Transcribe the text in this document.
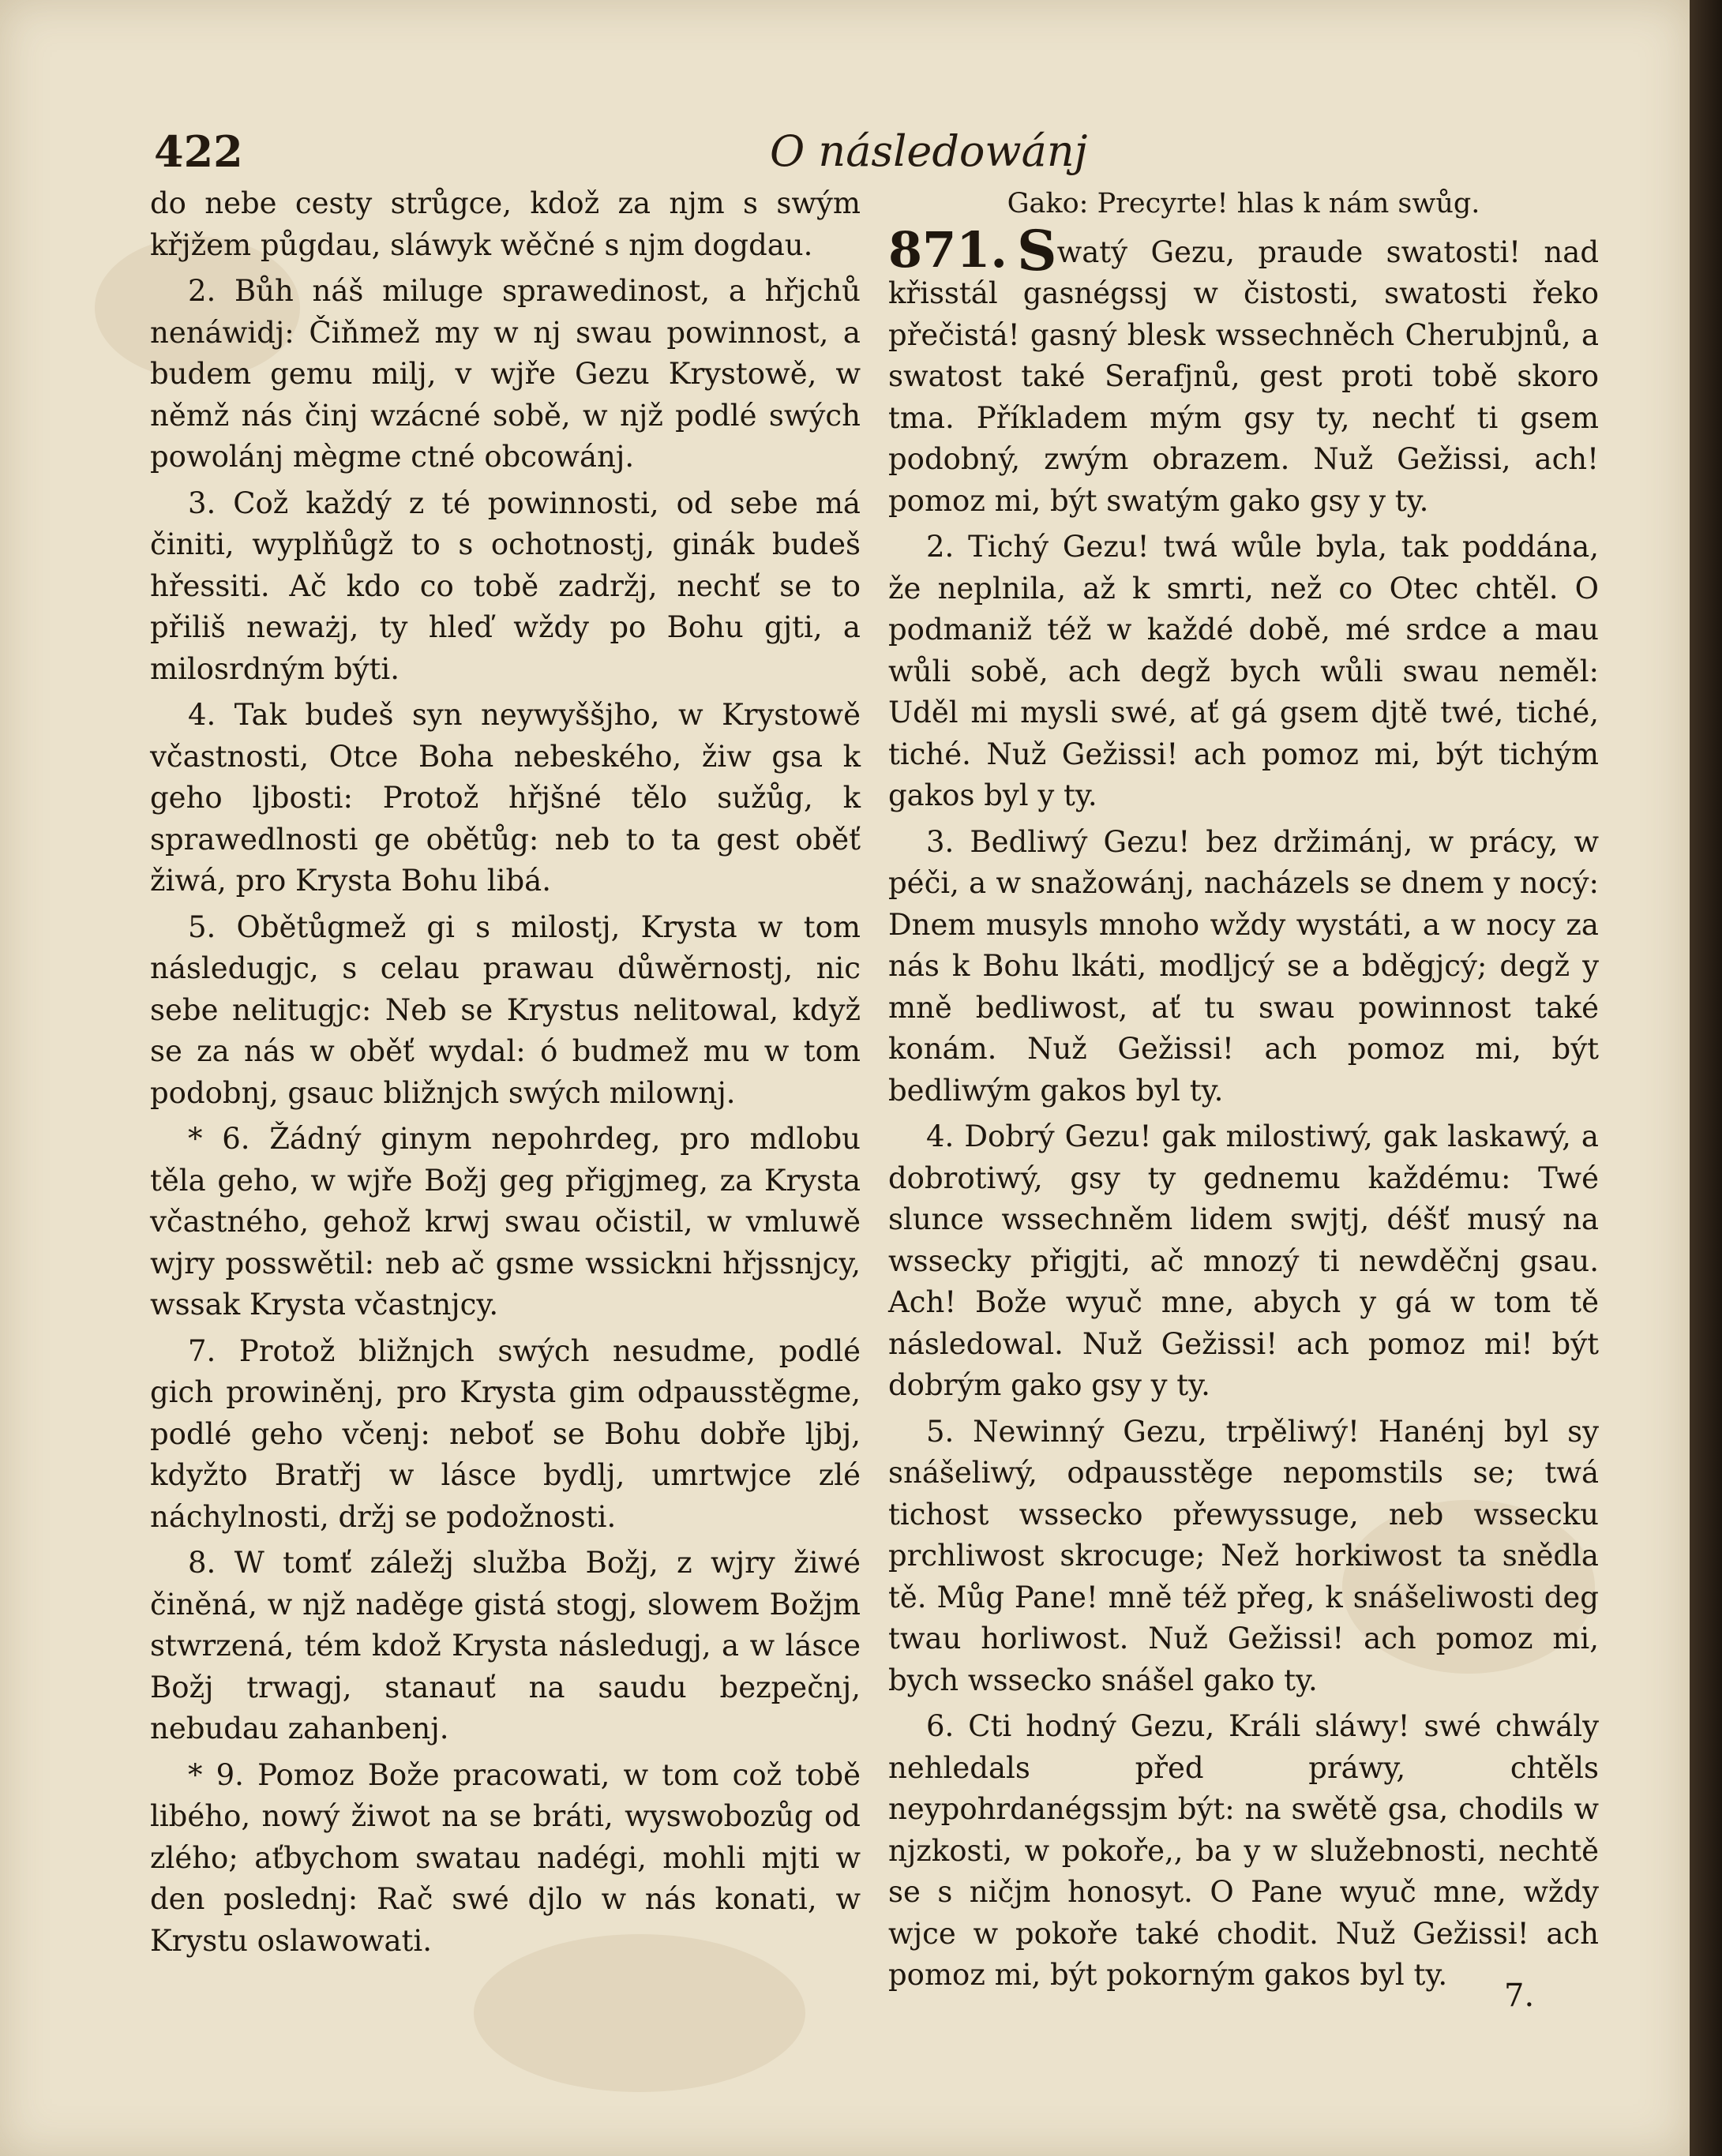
422	O následowánj

do nebe cesty strůgce, kdož za njm s swým křjžem půgdau, sláwyk wěčné s njm dogdau.

2. Bůh náš miluge sprawedinost, a hřjchů nenáwidj: Čiňmež my w nj swau powinnost, a budem gemu milj, v wjře Gezu Krystowě, w němž nás činj wzácné sobě, w njž podlé swých powolánj mègme ctné obcowánj.

3. Což každý z té powinnosti, od sebe má činiti, wyplňůgž to s ochotnostj, ginák budeš hřessiti. Ač kdo co tobě zadržj, nechť se to přiliš neważj, ty hleď wždy po Bohu gjti, a milosrdným býti.

4. Tak budeš syn neywyššjho, w Krystowě včastnosti, Otce Boha nebeského, žiw gsa k geho ljbosti: Protož hřjšné tělo sužůg, k sprawedlnosti ge obětůg: neb to ta gest oběť žiwá, pro Krysta Bohu libá.

5. Obětůgmež gi s milostj, Krysta w tom následugjc, s celau prawau důwěrnostj, nic sebe nelitugjc: Neb se Krystus nelitowal, když se za nás w oběť wydal: ó budmež mu w tom podobnj, gsauc bližnjch swých milownj.

* 6. Žádný ginym nepohrdeg, pro mdlobu těla geho, w wjře Božj geg přigjmeg, za Krysta včastného, gehož krwj swau očistil, w vmluwě wjry posswětil: neb ač gsme wssickni hřjssnjcy, wssak Krysta včastnjcy.

7. Protož bližnjch swých nesudme, podlé gich prowiněnj, pro Krysta gim odpausstěgme, podlé geho včenj: neboť se Bohu dobře ljbj, kdyžto Bratřj w lásce bydlj, umrtwjce zlé náchylnosti, držj se podožnosti.

8. W tomť záležj služba Božj, z wjry žiwé činěná, w njž naděge gistá stogj, slowem Božjm stwrzená, tém kdož Krysta následugj, a w lásce Božj trwagj, stanauť na saudu bezpečnj, nebudau zahanbenj.

* 9. Pomoz Bože pracowati, w tom což tobě libého, nowý žiwot na se bráti, wyswobozůg od zlého; aťbychom swatau nadégi, mohli mjti w den poslednj: Rač swé djlo w nás konati, w Krystu oslawowati.

Gako: Precyrte! hlas k nám swůg.

871. Swatý Gezu, praude swatosti! nad křisstál gasnégssj w čistosti, swatosti řeko přečistá! gasný blesk wssechněch Cherubjnů, a swatost také Serafjnů, gest proti tobě skoro tma. Příkladem mým gsy ty, nechť ti gsem podobný, zwým obrazem. Nuž Gežissi, ach! pomoz mi, být swatým gako gsy y ty.

2. Tichý Gezu! twá wůle byla, tak poddána, že neplnila, až k smrti, než co Otec chtěl. O podmaniž též w každé době, mé srdce a mau wůli sobě, ach degž bych wůli swau neměl: Uděl mi mysli swé, ať gá gsem djtě twé, tiché, tiché. Nuž Gežissi! ach pomoz mi, být tichým gakos byl y ty.

3. Bedliwý Gezu! bez držimánj, w prácy, w péči, a w snažowánj, nacházels se dnem y nocý: Dnem musyls mnoho wždy wystáti, a w nocy za nás k Bohu lkáti, modljcý se a bděgjcý; degž y mně bedliwost, ať tu swau powinnost také konám. Nuž Gežissi! ach pomoz mi, být bedliwým gakos byl ty.

4. Dobrý Gezu! gak milostiwý, gak laskawý, a dobrotiwý, gsy ty gednemu každému: Twé slunce wssechněm lidem swjtj, déšť musý na wssecky přigjti, ač mnozý ti newděčnj gsau. Ach! Bože wyuč mne, abych y gá w tom tě následowal. Nuž Gežissi! ach pomoz mi! být dobrým gako gsy y ty.

5. Newinný Gezu, trpěliwý! Hanénj byl sy snášeliwý, odpausstěge nepomstils se; twá tichost wssecko přewyssuge, neb wssecku prchliwost skrocuge; Než horkiwost ta snědla tě. Můg Pane! mně též přeg, k snášeliwosti deg twau horliwost. Nuž Gežissi! ach pomoz mi, bych wssecko snášel gako ty.

6. Cti hodný Gezu, Králi sláwy! swé chwály nehledals před práwy, chtěls neypohrdanégssjm být: na swětě gsa, chodils w njzkosti, w pokoře,, ba y w služebnosti, nechtě se s ničjm honosyt. O Pane wyuč mne, wždy wjce w pokoře také chodit. Nuž Gežissi! ach pomoz mi, být pokorným gakos byl ty.

7.
